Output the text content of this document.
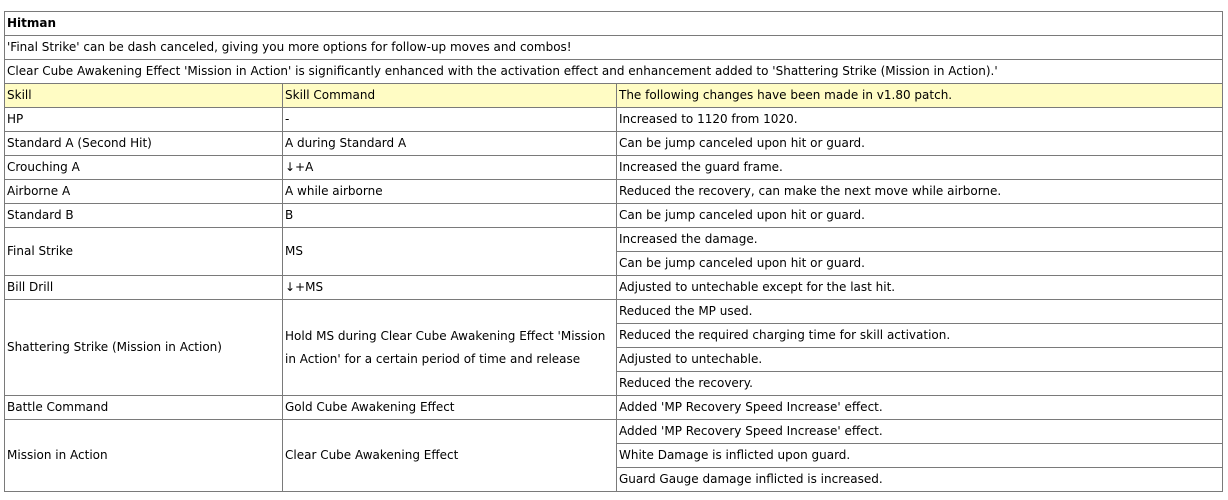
Hitman		
'Final Strike' can be dash canceled, giving you more options for follow-up moves and combos!		
Clear Cube Awakening Effect 'Mission in Action' is significantly enhanced with the activation effect and enhancement added to 'Shattering Strike (Mission in Action).'		
Skill	Skill Command	The following changes have been made in v1.80 patch.
HP	-	Increased to 1120 from 1020.
Standard A (Second Hit)	A during Standard A	Can be jump canceled upon hit or guard.
Crouching A	↓+A	Increased the guard frame.
Airborne A	A while airborne	Reduced the recovery, can make the next move while airborne.
Standard B	B	Can be jump canceled upon hit or guard.
Final Strike	MS	Increased the damage.
		Can be jump canceled upon hit or guard.
Bill Drill	↓+MS	Adjusted to untechable except for the last hit.
Shattering Strike (Mission in Action)	Hold MS during Clear Cube Awakening Effect 'Mission in Action' for a certain period of time and release	Reduced the MP used.
		Reduced the required charging time for skill activation.
		Adjusted to untechable.
		Reduced the recovery.
Battle Command	Gold Cube Awakening Effect	Added 'MP Recovery Speed Increase' effect.
Mission in Action	Clear Cube Awakening Effect	Added 'MP Recovery Speed Increase' effect.
		White Damage is inflicted upon guard.
		Guard Gauge damage inflicted is increased.
